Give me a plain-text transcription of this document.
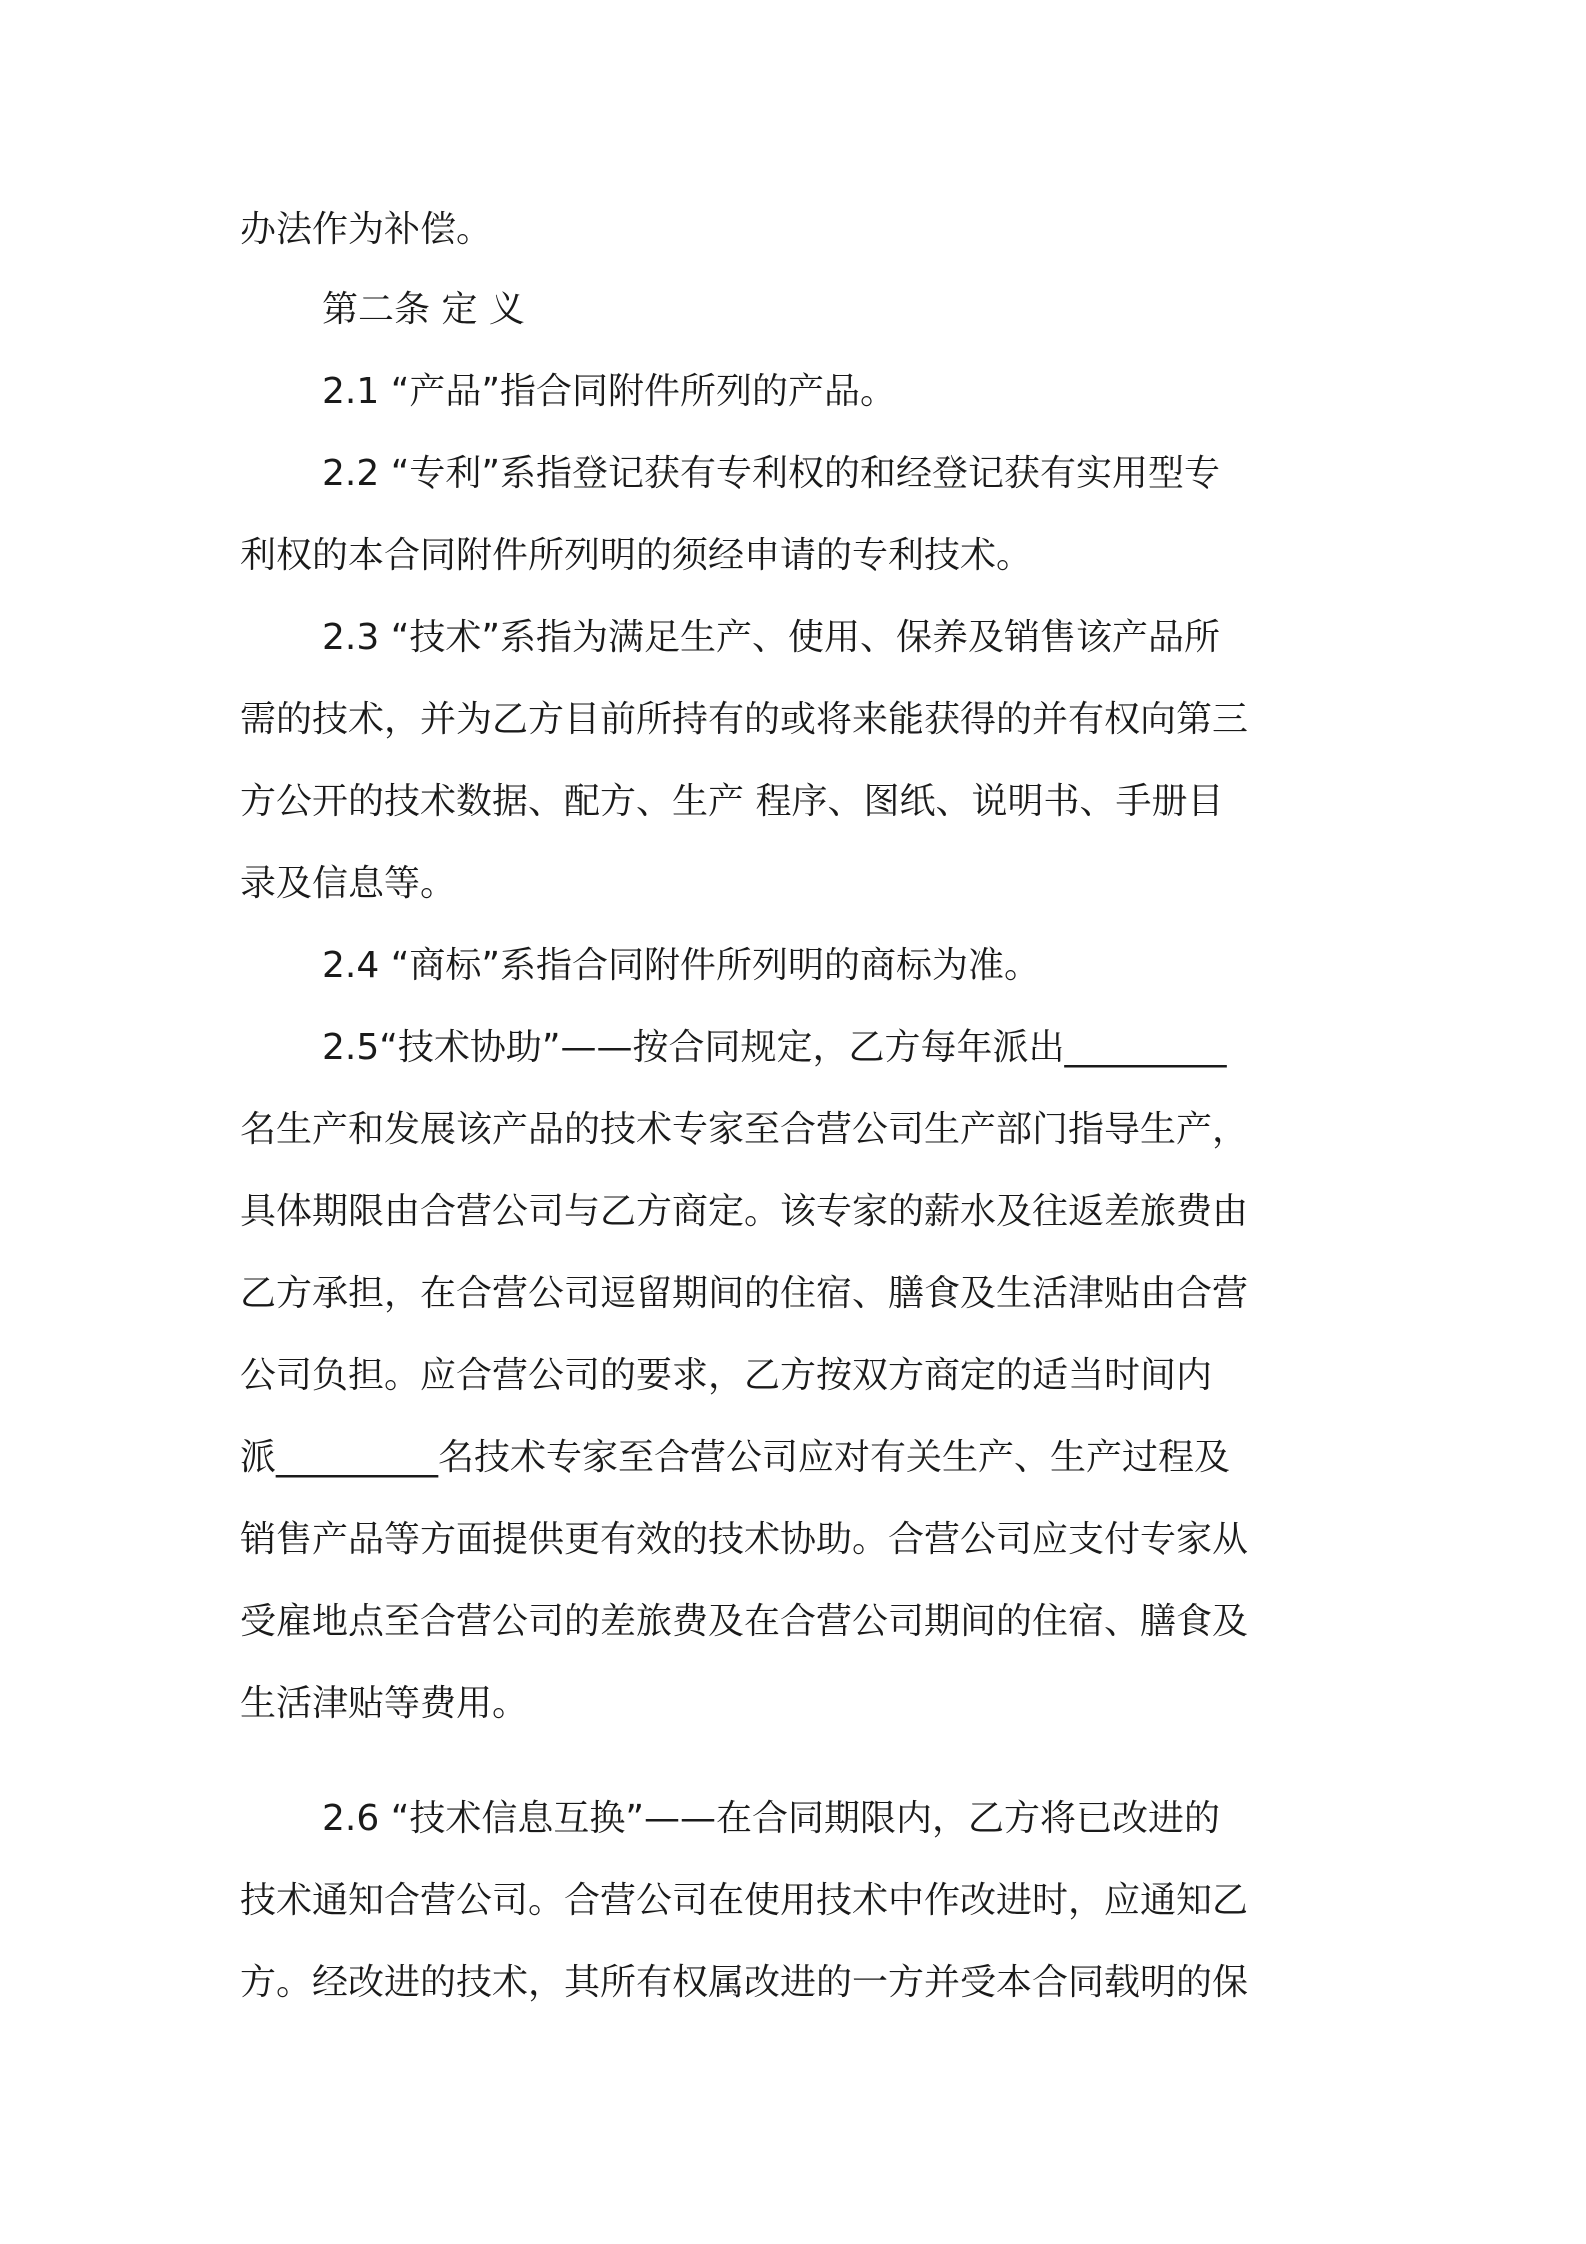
办法作为补偿。
第二条 定 义
2.1 “产品”指合同附件所列的产品。
2.2 “专利”系指登记获有专利权的和经登记获有实用型专
利权的本合同附件所列明的须经申请的专利技术。
2.3 “技术”系指为满足生产、使用、保养及销售该产品所
需的技术，并为乙方目前所持有的或将来能获得的并有权向第三
方公开的技术数据、配方、生产 程序、图纸、说明书、手册目
录及信息等。
2.4 “商标”系指合同附件所列明的商标为准。
2.5“技术协助”——按合同规定，乙方每年派出_________
名生产和发展该产品的技术专家至合营公司生产部门指导生产，
具体期限由合营公司与乙方商定。该专家的薪水及往返差旅费由
乙方承担，在合营公司逗留期间的住宿、膳食及生活津贴由合营
公司负担。应合营公司的要求，乙方按双方商定的适当时间内
派_________名技术专家至合营公司应对有关生产、生产过程及
销售产品等方面提供更有效的技术协助。合营公司应支付专家从
受雇地点至合营公司的差旅费及在合营公司期间的住宿、膳食及
生活津贴等费用。
2.6 “技术信息互换”——在合同期限内，乙方将已改进的
技术通知合营公司。合营公司在使用技术中作改进时，应通知乙
方。经改进的技术，其所有权属改进的一方并受本合同载明的保
